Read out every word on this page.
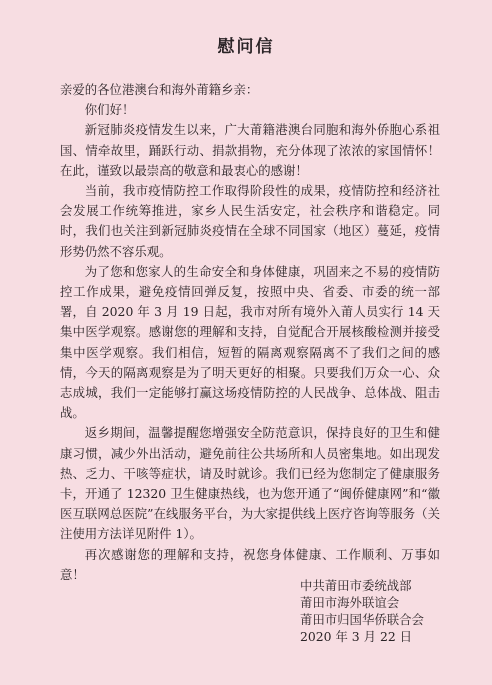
慰问信

亲爱的各位港澳台和海外莆籍乡亲：

你们好！

新冠肺炎疫情发生以来，广大莆籍港澳台同胞和海外侨胞心系祖国、情牵故里，踊跃行动、捐款捐物，充分体现了浓浓的家国情怀！在此，谨致以最崇高的敬意和最衷心的感谢！

当前，我市疫情防控工作取得阶段性的成果，疫情防控和经济社会发展工作统筹推进，家乡人民生活安定，社会秩序和谐稳定。同时，我们也关注到新冠肺炎疫情在全球不同国家（地区）蔓延，疫情形势仍然不容乐观。

为了您和您家人的生命安全和身体健康，巩固来之不易的疫情防控工作成果，避免疫情回弹反复，按照中央、省委、市委的统一部署，自 2020 年 3 月 19 日起，我市对所有境外入莆人员实行 14 天集中医学观察。感谢您的理解和支持，自觉配合开展核酸检测并接受集中医学观察。我们相信，短暂的隔离观察隔离不了我们之间的感情，今天的隔离观察是为了明天更好的相聚。只要我们万众一心、众志成城，我们一定能够打赢这场疫情防控的人民战争、总体战、阻击战。

返乡期间，温馨提醒您增强安全防范意识，保持良好的卫生和健康习惯，减少外出活动，避免前往公共场所和人员密集地。如出现发热、乏力、干咳等症状，请及时就诊。我们已经为您制定了健康服务卡，开通了 12320 卫生健康热线，也为您开通了“闽侨健康网”和“徽医互联网总医院”在线服务平台，为大家提供线上医疗咨询等服务（关注使用方法详见附件 1）。

再次感谢您的理解和支持，祝您身体健康、工作顺利、万事如意！

中共莆田市委统战部
莆田市海外联谊会
莆田市归国华侨联合会
2020 年 3 月 22 日
